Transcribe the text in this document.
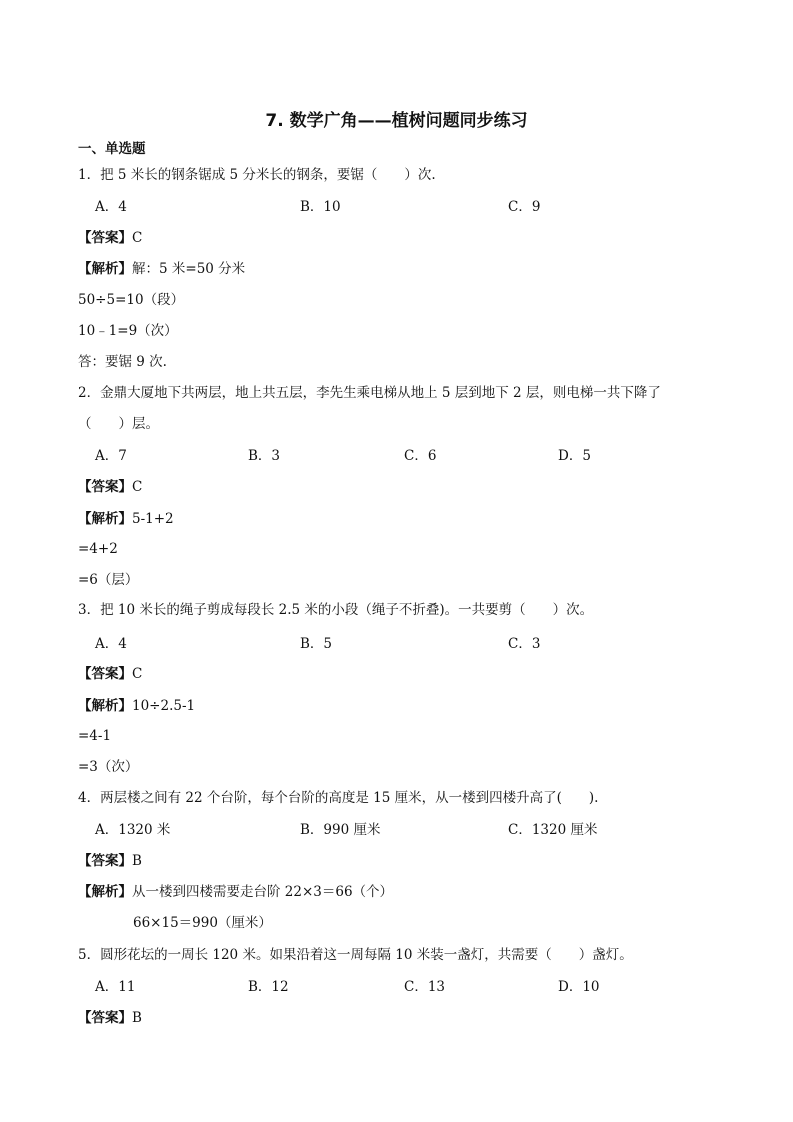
7. 数学广角——植树问题同步练习
一、单选题
1．把 5 米长的钢条锯成 5 分米长的钢条，要锯（　　）次.
A．4	B．10	C．9
【答案】C
【解析】解：5 米=50 分米
50÷5=10（段）
10﹣1=9（次）
答：要锯 9 次.
2．金鼎大厦地下共两层，地上共五层，李先生乘电梯从地上 5 层到地下 2 层，则电梯一共下降了
（　　）层。
A．7	B．3	C．6	D．5
【答案】C
【解析】5-1+2
=4+2
=6（层）
3．把 10 米长的绳子剪成每段长 2.5 米的小段（绳子不折叠)。一共要剪（　　）次。
A．4	B．5	C．3
【答案】C
【解析】10÷2.5-1
=4-1
=3（次）
4．两层楼之间有 22 个台阶，每个台阶的高度是 15 厘米，从一楼到四楼升高了(　　).
A．1320 米	B．990 厘米	C．1320 厘米
【答案】B
【解析】从一楼到四楼需要走台阶 22×3＝66（个）
66×15＝990（厘米）
5．圆形花坛的一周长 120 米。如果沿着这一周每隔 10 米装一盏灯，共需要（　　）盏灯。
A．11	B．12	C．13	D．10
【答案】B
